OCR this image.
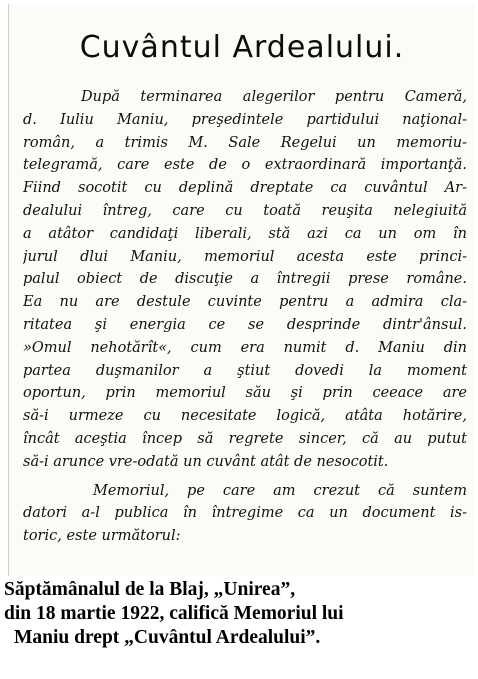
Cuvântul Ardealului.
După terminarea alegerilor pentru Cameră,
d. Iuliu Maniu, preşedintele partidului naţional-
român, a trimis M. Sale Regelui un memoriu-
telegramă, care este de o extraordinară importanţă.
Fiind socotit cu deplină dreptate ca cuvântul Ar-
dealului întreg, care cu toată reuşita nelegiuită
a atâtor candidaţi liberali, stă azi ca un om în
jurul dlui Maniu, memoriul acesta este princi-
palul obiect de discuţie a întregii prese române.
Ea nu are destule cuvinte pentru a admira cla-
ritatea şi energia ce se desprinde dintr'ânsul.
»Omul nehotărît«, cum era numit d. Maniu din
partea duşmanilor a ştiut dovedi la moment
oportun, prin memoriul său şi prin ceeace are
să-i urmeze cu necesitate logică, atâta hotărire,
încât aceştia încep să regrete sincer, că au putut
să-i arunce vre-odată un cuvânt atât de nesocotit.
Memoriul, pe care am crezut că suntem
datori a-l publica în întregime ca un document is-
toric, este următorul:

Săptămânalul de la Blaj, „Unirea”,
din 18 martie 1922, califică Memoriul lui
Maniu drept „Cuvântul Ardealului”.
